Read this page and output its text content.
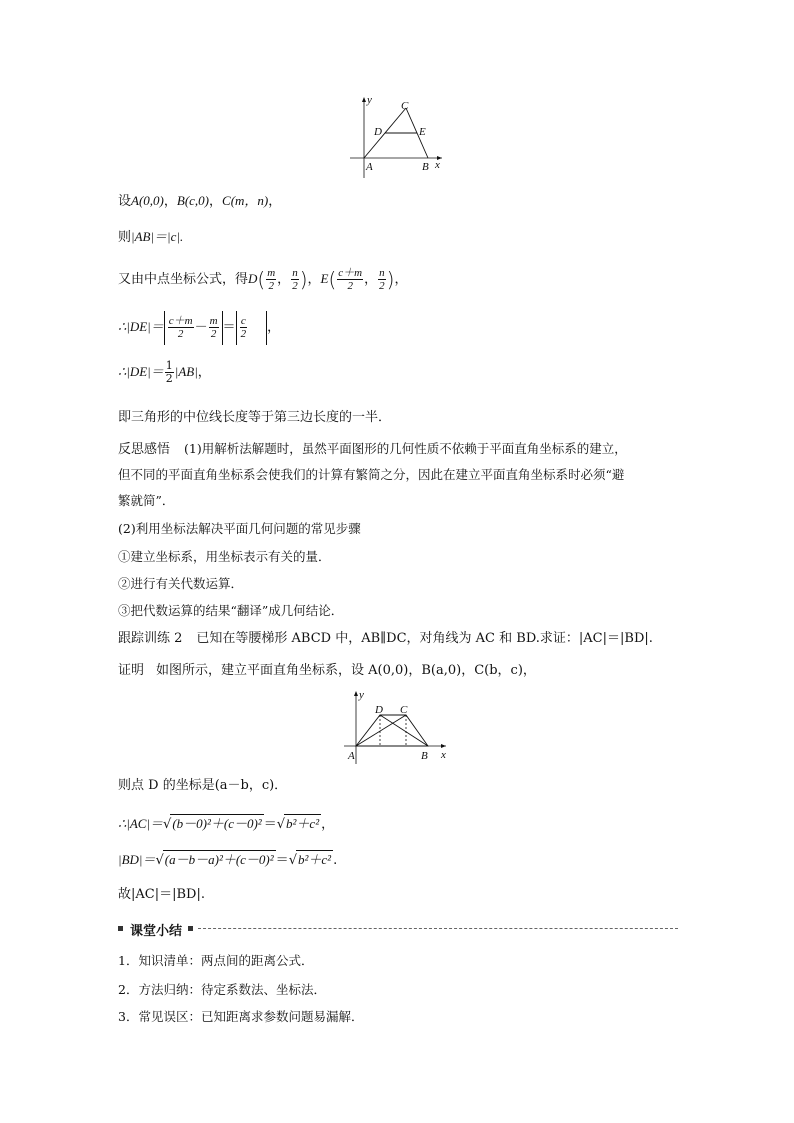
y	C
D	E
A	B x
设A(0,0)，B(c,0)，C(m，n)，
则|AB|＝|c|.
又由中点坐标公式，得$D( \frac{m}{2}$ ， $\frac{n}{2}$ )，$E( \frac{c+m}{2}$ ， $\frac{n}{2}$ )，
∴|DE|＝ $\frac{c+m}{2} - \frac{m}{2} = \frac{c}{2}$ ，
∴|DE|＝ $\frac{1}{2} |AB|$，
即三角形的中位线长度等于第三边长度的一半．
反思感悟 (1)用解析法解题时，虽然平面图形的几何性质不依赖于平面直角坐标系的建立，
但不同的平面直角坐标系会使我们的计算有繁简之分，因此在建立平面直角坐标系时必须“避
繁就简”．
(2)利用坐标法解决平面几何问题的常见步骤
①建立坐标系，用坐标表示有关的量．
②进行有关代数运算．
③把代数运算的结果“翻译”成几何结论．
跟踪训练 2 已知在等腰梯形 ABCD 中，AB∥DC，对角线为 AC 和 BD.求证：|AC|＝|BD|.
证明 如图所示，建立平面直角坐标系，设 A(0,0)，B(a,0)，C(b，c)，
y
D C
A	B x
则点 D 的坐标是(a－b，c)．
∴|AC|＝√(b－0)²＋(c－0)² ＝√b²＋c² ，
|BD|＝√(a－b－a)²＋(c－0)² ＝√b²＋c² .
故|AC|＝|BD|.
课堂小结
1．知识清单：两点间的距离公式．
2．方法归纳：待定系数法、坐标法．
3．常见误区：已知距离求参数问题易漏解．
